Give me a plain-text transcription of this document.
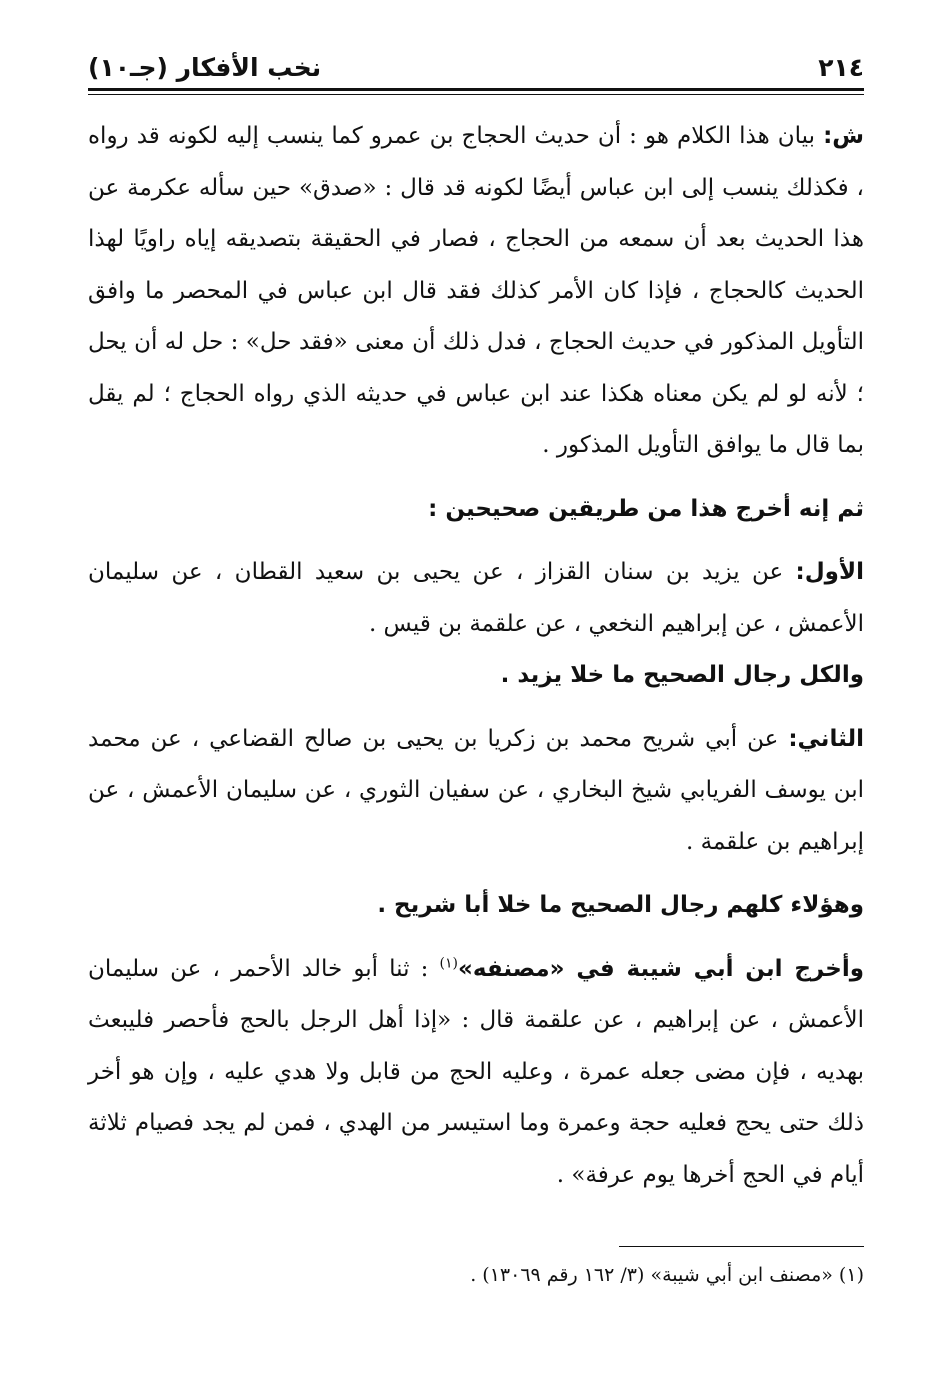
٢١٤
نخب الأفكار (جـ١٠)

ش: بيان هذا الكلام هو : أن حديث الحجاج بن عمرو كما ينسب إليه لكونه قد رواه ، فكذلك ينسب إلى ابن عباس أيضًا لكونه قد قال : «صدق» حين سأله عكرمة عن هذا الحديث بعد أن سمعه من الحجاج ، فصار في الحقيقة بتصديقه إياه راويًا لهذا الحديث كالحجاج ، فإذا كان الأمر كذلك فقد قال ابن عباس في المحصر ما وافق التأويل المذكور في حديث الحجاج ، فدل ذلك أن معنى «فقد حل» : حل له أن يحل ؛ لأنه لو لم يكن معناه هكذا عند ابن عباس في حديثه الذي رواه الحجاج ؛ لم يقل بما قال ما يوافق التأويل المذكور .

ثم إنه أخرج هذا من طريقين صحيحين :

الأول: عن يزيد بن سنان القزاز ، عن يحيى بن سعيد القطان ، عن سليمان الأعمش ، عن إبراهيم النخعي ، عن علقمة بن قيس .

والكل رجال الصحيح ما خلا يزيد .

الثاني: عن أبي شريح محمد بن زكريا بن يحيى بن صالح القضاعي ، عن محمد ابن يوسف الفريابي شيخ البخاري ، عن سفيان الثوري ، عن سليمان الأعمش ، عن إبراهيم بن علقمة .

وهؤلاء كلهم رجال الصحيح ما خلا أبا شريح .

وأخرج ابن أبي شيبة في «مصنفه»$^{(١)}$ : ثنا أبو خالد الأحمر ، عن سليمان الأعمش ، عن إبراهيم ، عن علقمة قال : «إذا أهل الرجل بالحج فأحصر فليبعث بهديه ، فإن مضى جعله عمرة ، وعليه الحج من قابل ولا هدي عليه ، وإن هو أخر ذلك حتى يحج فعليه حجة وعمرة وما استيسر من الهدي ، فمن لم يجد فصيام ثلاثة أيام في الحج أخرها يوم عرفة» .

(١) «مصنف ابن أبي شيبة» (٣/ ١٦٢ رقم ١٣٠٦٩) .
